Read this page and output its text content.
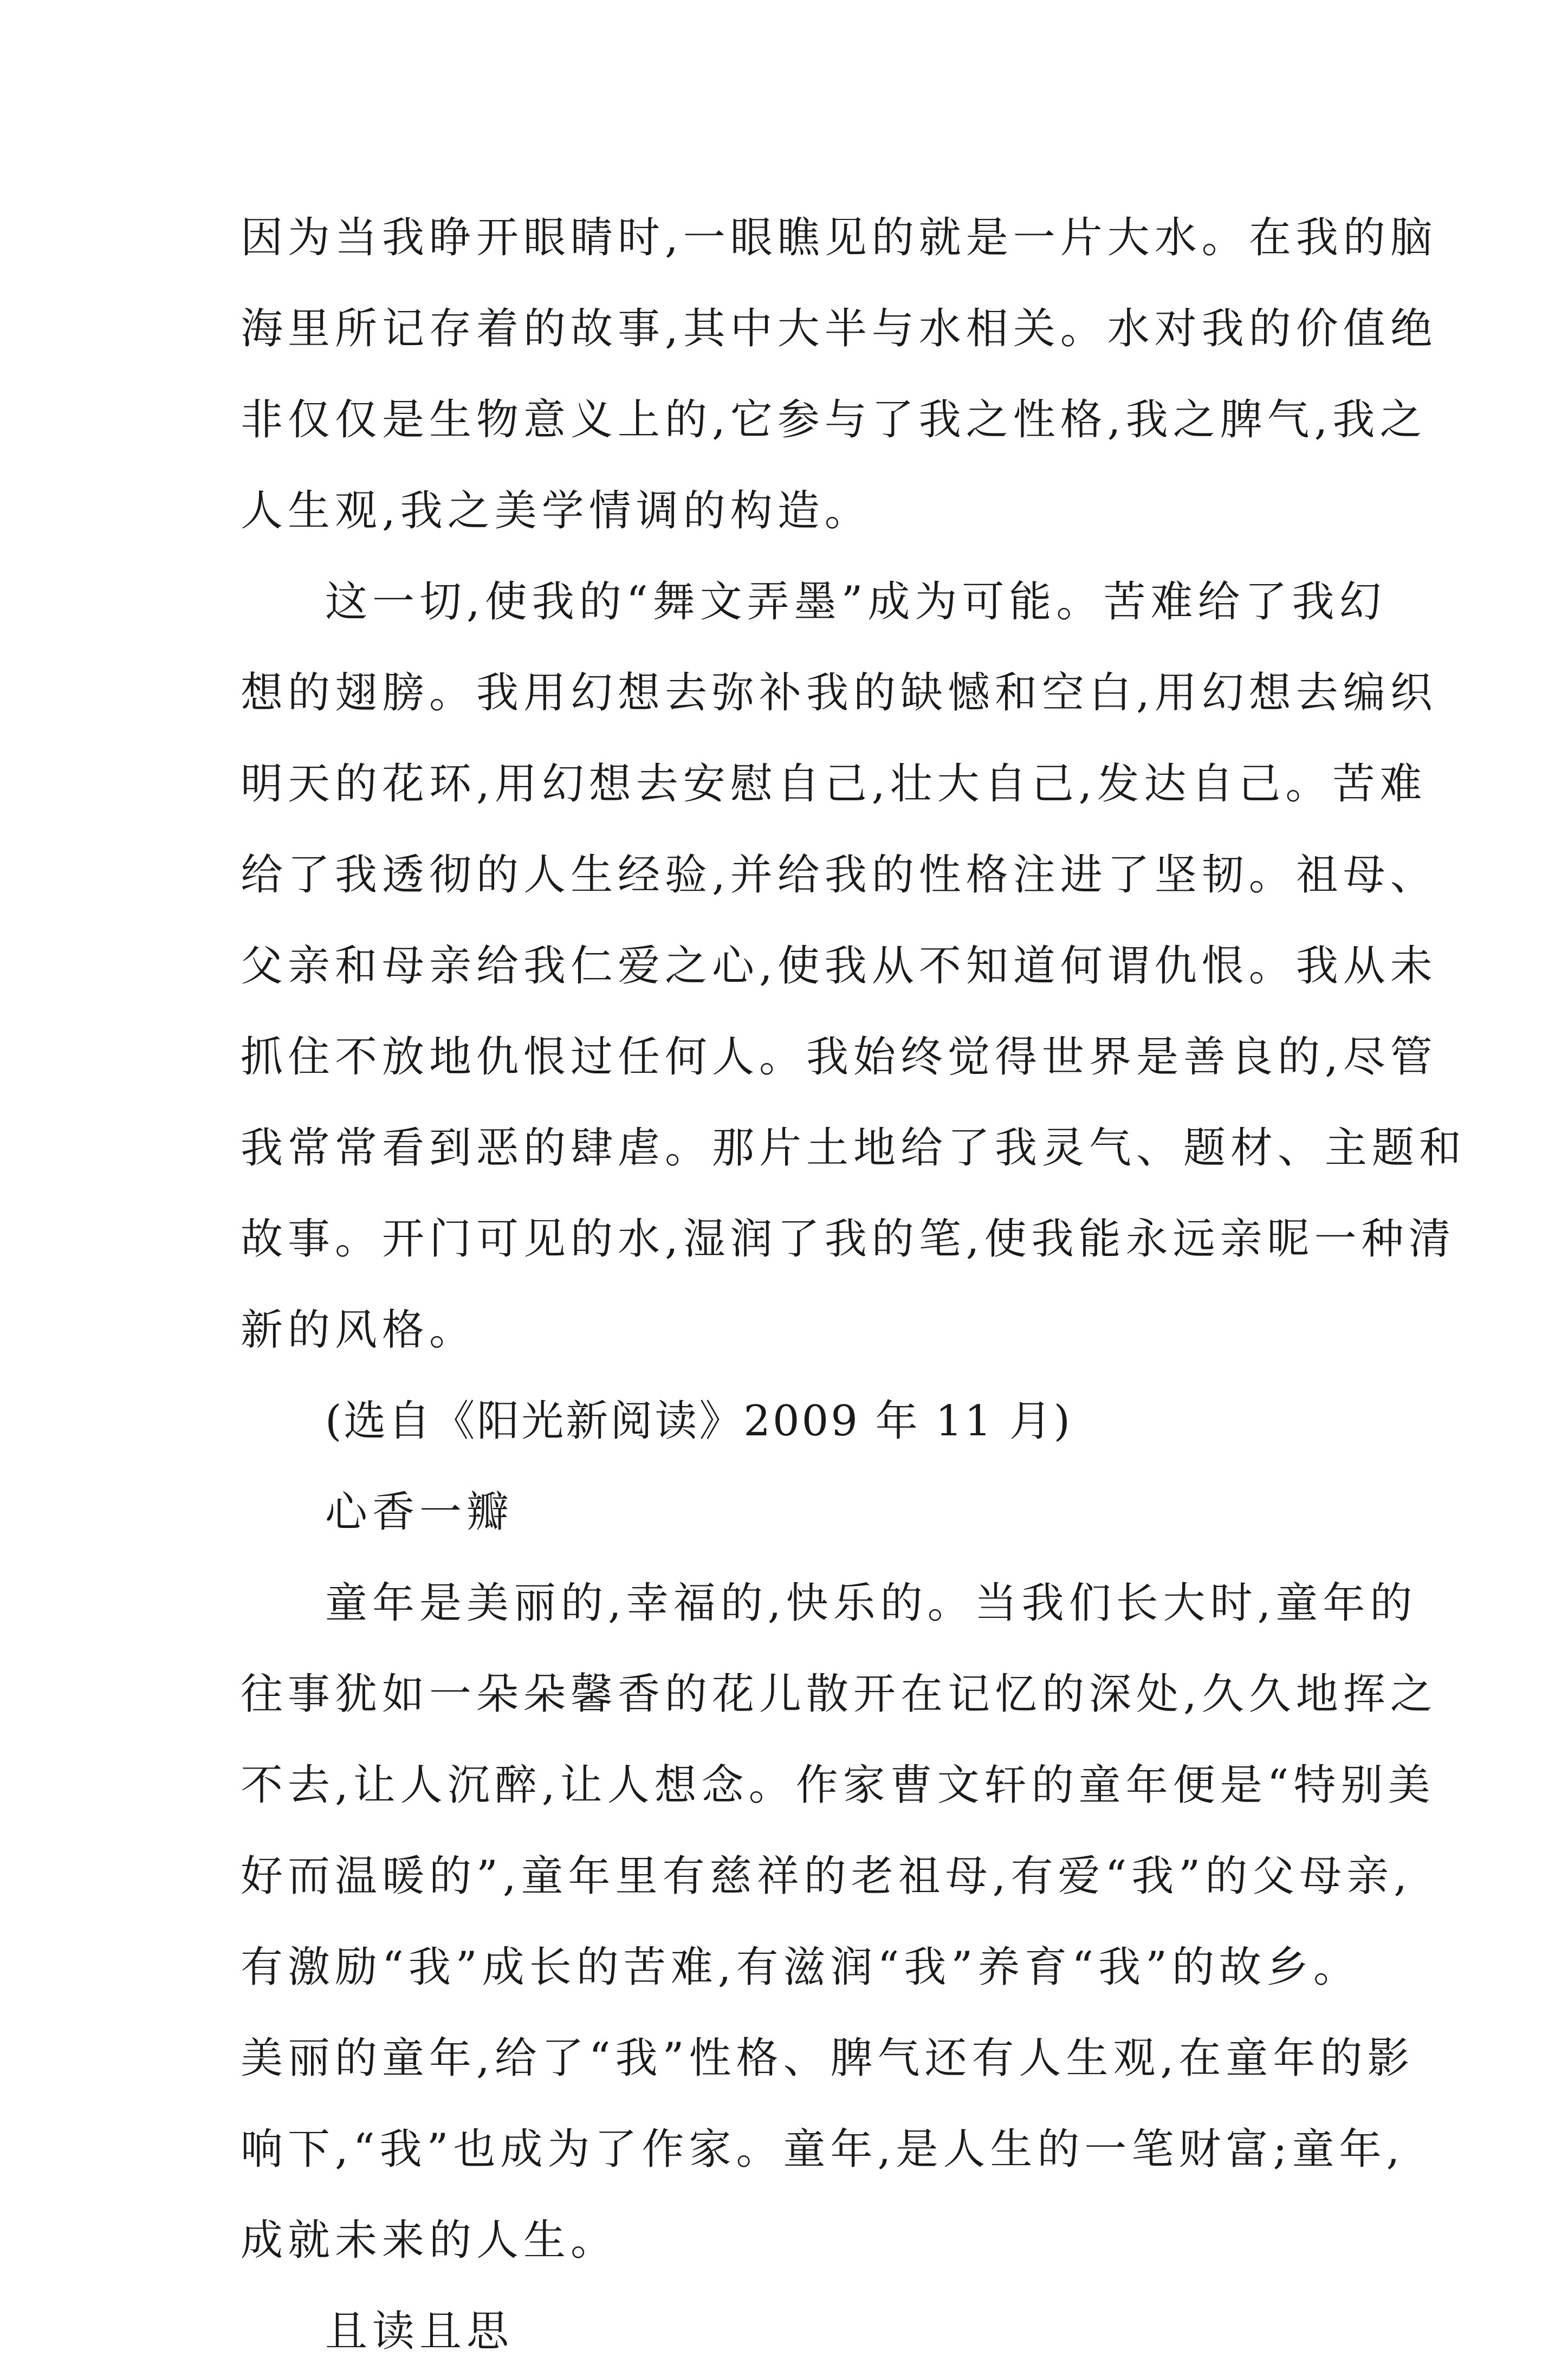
因为当我睁开眼睛时,一眼瞧见的就是一片大水。在我的脑
海里所记存着的故事,其中大半与水相关。水对我的价值绝
非仅仅是生物意义上的,它参与了我之性格,我之脾气,我之
人生观,我之美学情调的构造。
这一切,使我的“舞文弄墨”成为可能。苦难给了我幻
想的翅膀。我用幻想去弥补我的缺憾和空白,用幻想去编织
明天的花环,用幻想去安慰自己,壮大自己,发达自己。苦难
给了我透彻的人生经验,并给我的性格注进了坚韧。祖母、
父亲和母亲给我仁爱之心,使我从不知道何谓仇恨。我从未
抓住不放地仇恨过任何人。我始终觉得世界是善良的,尽管
我常常看到恶的肆虐。那片土地给了我灵气、题材、主题和
故事。开门可见的水,湿润了我的笔,使我能永远亲昵一种清
新的风格。
(选自《阳光新阅读》2009 年 11 月)
心香一瓣
童年是美丽的,幸福的,快乐的。当我们长大时,童年的
往事犹如一朵朵馨香的花儿散开在记忆的深处,久久地挥之
不去,让人沉醉,让人想念。作家曹文轩的童年便是“特别美
好而温暖的”,童年里有慈祥的老祖母,有爱“我”的父母亲,
有激励“我”成长的苦难,有滋润“我”养育“我”的故乡。
美丽的童年,给了“我”性格、脾气还有人生观,在童年的影
响下,“我”也成为了作家。童年,是人生的一笔财富;童年,
成就未来的人生。
且读且思
